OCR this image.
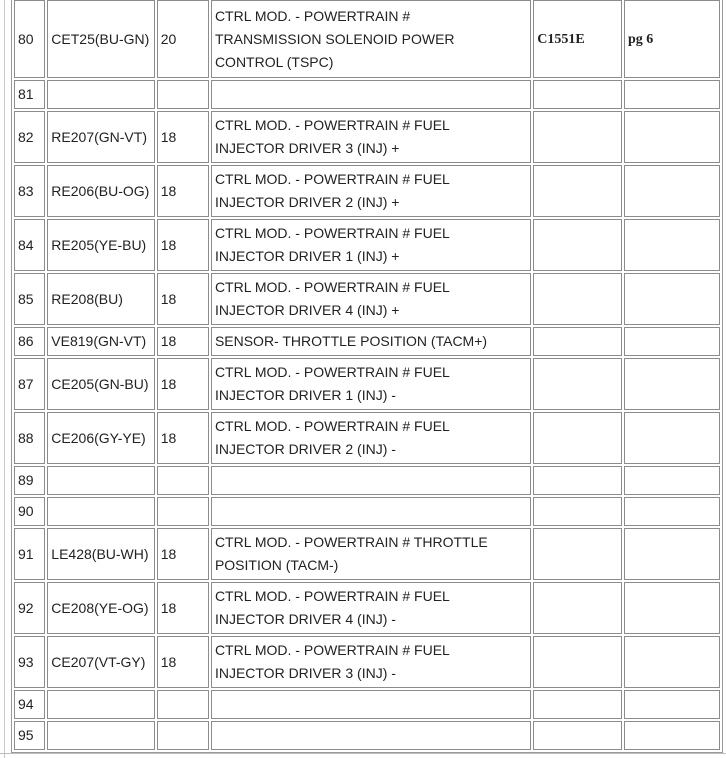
80	CET25(BU-GN)	20	CTRL MOD. - POWERTRAIN #
TRANSMISSION SOLENOID POWER
CONTROL (TSPC)	C1551E	pg 6
81			

82	RE207(GN-VT)	18	CTRL MOD. - POWERTRAIN # FUEL
INJECTOR DRIVER 3 (INJ) +		

83	RE206(BU-OG)	18	CTRL MOD. - POWERTRAIN # FUEL
INJECTOR DRIVER 2 (INJ) +		

84	RE205(YE-BU)	18	CTRL MOD. - POWERTRAIN # FUEL
INJECTOR DRIVER 1 (INJ) +		

85	RE208(BU)	18	CTRL MOD. - POWERTRAIN # FUEL
INJECTOR DRIVER 4 (INJ) +		

86	VE819(GN-VT)	18	SENSOR- THROTTLE POSITION (TACM+)		

87	CE205(GN-BU)	18	CTRL MOD. - POWERTRAIN # FUEL
INJECTOR DRIVER 1 (INJ) -		

88	CE206(GY-YE)	18	CTRL MOD. - POWERTRAIN # FUEL
INJECTOR DRIVER 2 (INJ) -		

89			

90			

91	LE428(BU-WH)	18	CTRL MOD. - POWERTRAIN # THROTTLE
POSITION (TACM-)		

92	CE208(YE-OG)	18	CTRL MOD. - POWERTRAIN # FUEL
INJECTOR DRIVER 4 (INJ) -		

93	CE207(VT-GY)	18	CTRL MOD. - POWERTRAIN # FUEL
INJECTOR DRIVER 3 (INJ) -		

94			

95			
